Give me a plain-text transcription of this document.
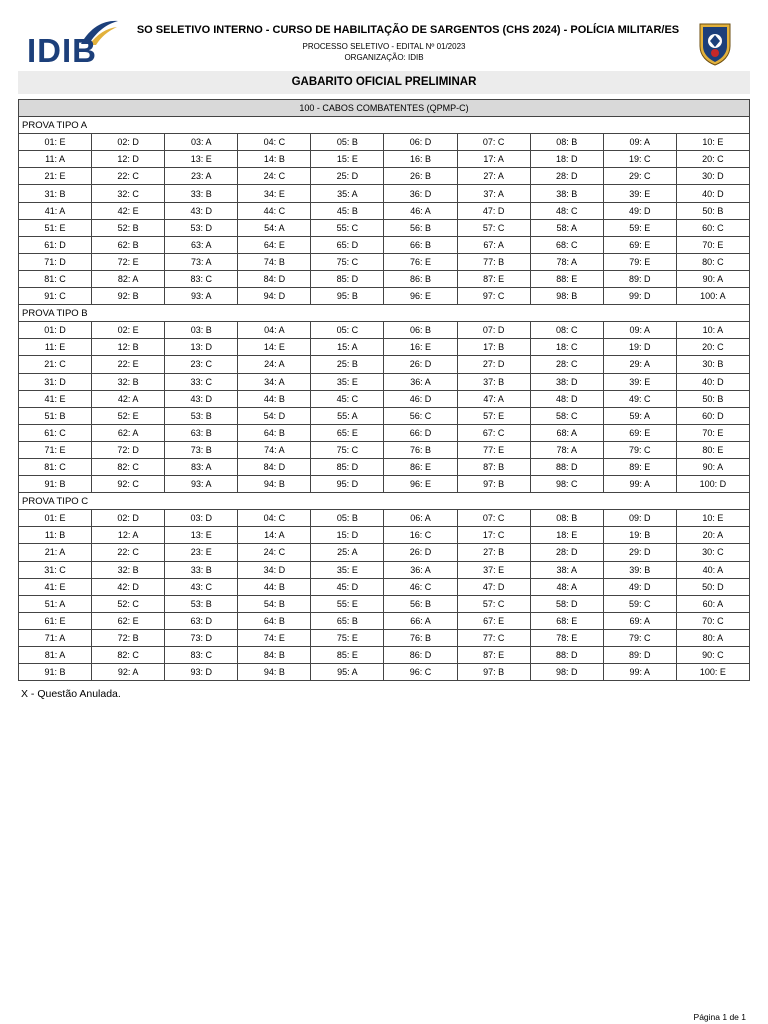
IDIB
SO SELETIVO INTERNO - CURSO DE HABILITAÇÃO DE SARGENTOS (CHS 2024) - POLÍCIA MILITAR/ES
PROCESSO SELETIVO - EDITAL Nº 01/2023
ORGANIZAÇÃO: IDIB
GABARITO OFICIAL PRELIMINAR
100 - CABOS COMBATENTES (QPMP-C)									
PROVA TIPO A									
01: E	02: D	03: A	04: C	05: B	06: D	07: C	08: B	09: A	10: E
11: A	12: D	13: E	14: B	15: E	16: B	17: A	18: D	19: C	20: C
21: E	22: C	23: A	24: C	25: D	26: B	27: A	28: D	29: C	30: D
31: B	32: C	33: B	34: E	35: A	36: D	37: A	38: B	39: E	40: D
41: A	42: E	43: D	44: C	45: B	46: A	47: D	48: C	49: D	50: B
51: E	52: B	53: D	54: A	55: C	56: B	57: C	58: A	59: E	60: C
61: D	62: B	63: A	64: E	65: D	66: B	67: A	68: C	69: E	70: E
71: D	72: E	73: A	74: B	75: C	76: E	77: B	78: A	79: E	80: C
81: C	82: A	83: C	84: D	85: D	86: B	87: E	88: E	89: D	90: A
91: C	92: B	93: A	94: D	95: B	96: E	97: C	98: B	99: D	100: A
PROVA TIPO B									
01: D	02: E	03: B	04: A	05: C	06: B	07: D	08: C	09: A	10: A
11: E	12: B	13: D	14: E	15: A	16: E	17: B	18: C	19: D	20: C
21: C	22: E	23: C	24: A	25: B	26: D	27: D	28: C	29: A	30: B
31: D	32: B	33: C	34: A	35: E	36: A	37: B	38: D	39: E	40: D
41: E	42: A	43: D	44: B	45: C	46: D	47: A	48: D	49: C	50: B
51: B	52: E	53: B	54: D	55: A	56: C	57: E	58: C	59: A	60: D
61: C	62: A	63: B	64: B	65: E	66: D	67: C	68: A	69: E	70: E
71: E	72: D	73: B	74: A	75: C	76: B	77: E	78: A	79: C	80: E
81: C	82: C	83: A	84: D	85: D	86: E	87: B	88: D	89: E	90: A
91: B	92: C	93: A	94: B	95: D	96: E	97: B	98: C	99: A	100: D
PROVA TIPO C									
01: E	02: D	03: D	04: C	05: B	06: A	07: C	08: B	09: D	10: E
11: B	12: A	13: E	14: A	15: D	16: C	17: C	18: E	19: B	20: A
21: A	22: C	23: E	24: C	25: A	26: D	27: B	28: D	29: D	30: C
31: C	32: B	33: B	34: D	35: E	36: A	37: E	38: A	39: B	40: A
41: E	42: D	43: C	44: B	45: D	46: C	47: D	48: A	49: D	50: D
51: A	52: C	53: B	54: B	55: E	56: B	57: C	58: D	59: C	60: A
61: E	62: E	63: D	64: B	65: B	66: A	67: E	68: E	69: A	70: C
71: A	72: B	73: D	74: E	75: E	76: B	77: C	78: E	79: C	80: A
81: A	82: C	83: C	84: B	85: E	86: D	87: E	88: D	89: D	90: C
91: B	92: A	93: D	94: B	95: A	96: C	97: B	98: D	99: A	100: E
X - Questão Anulada.
Página 1 de 1
